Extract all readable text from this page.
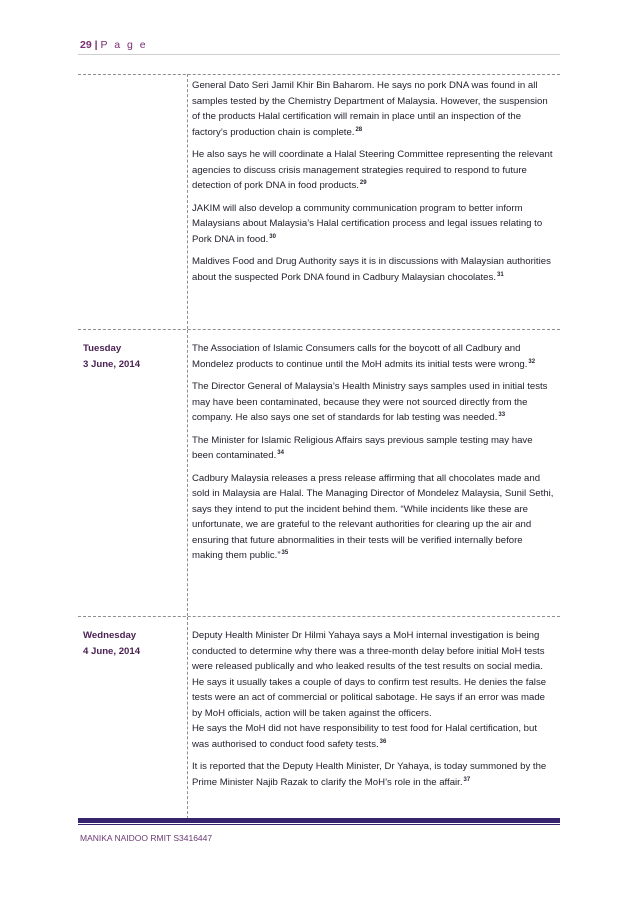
29 | P a g e

General Dato Seri Jamil Khir Bin Baharom. He says no pork DNA was found in all samples tested by the Chemistry Department of Malaysia. However, the suspension of the products Halal certification will remain in place until an inspection of the factory’s production chain is complete.$^{28}$

He also says he will coordinate a Halal Steering Committee representing the relevant agencies to discuss crisis management strategies required to respond to future detection of pork DNA in food products.$^{29}$

JAKIM will also develop a community communication program to better inform Malaysians about Malaysia’s Halal certification process and legal issues relating to Pork DNA in food.$^{30}$

Maldives Food and Drug Authority says it is in discussions with Malaysian authorities about the suspected Pork DNA found in Cadbury Malaysian chocolates.$^{31}$

Tuesday
3 June, 2014

The Association of Islamic Consumers calls for the boycott of all Cadbury and Mondelez products to continue until the MoH admits its initial tests were wrong.$^{32}$

The Director General of Malaysia’s Health Ministry says samples used in initial tests may have been contaminated, because they were not sourced directly from the company. He also says one set of standards for lab testing was needed.$^{33}$

The Minister for Islamic Religious Affairs says previous sample testing may have been contaminated.$^{34}$

Cadbury Malaysia releases a press release affirming that all chocolates made and sold in Malaysia are Halal. The Managing Director of Mondelez Malaysia, Sunil Sethi, says they intend to put the incident behind them. “While incidents like these are unfortunate, we are grateful to the relevant authorities for clearing up the air and ensuring that future abnormalities in their tests will be verified internally before making them public.”$^{35}$

Wednesday
4 June, 2014

Deputy Health Minister Dr Hilmi Yahaya says a MoH internal investigation is being conducted to determine why there was a three-month delay before initial MoH tests were released publically and who leaked results of the test results on social media. He says it usually takes a couple of days to confirm test results. He denies the false tests were an act of commercial or political sabotage. He says if an error was made by MoH officials, action will be taken against the officers.

He says the MoH did not have responsibility to test food for Halal certification, but was authorised to conduct food safety tests.$^{36}$

It is reported that the Deputy Health Minister, Dr Yahaya, is today summoned by the Prime Minister Najib Razak to clarify the MoH’s role in the affair.$^{37}$

MANIKA NAIDOO RMIT S3416447
